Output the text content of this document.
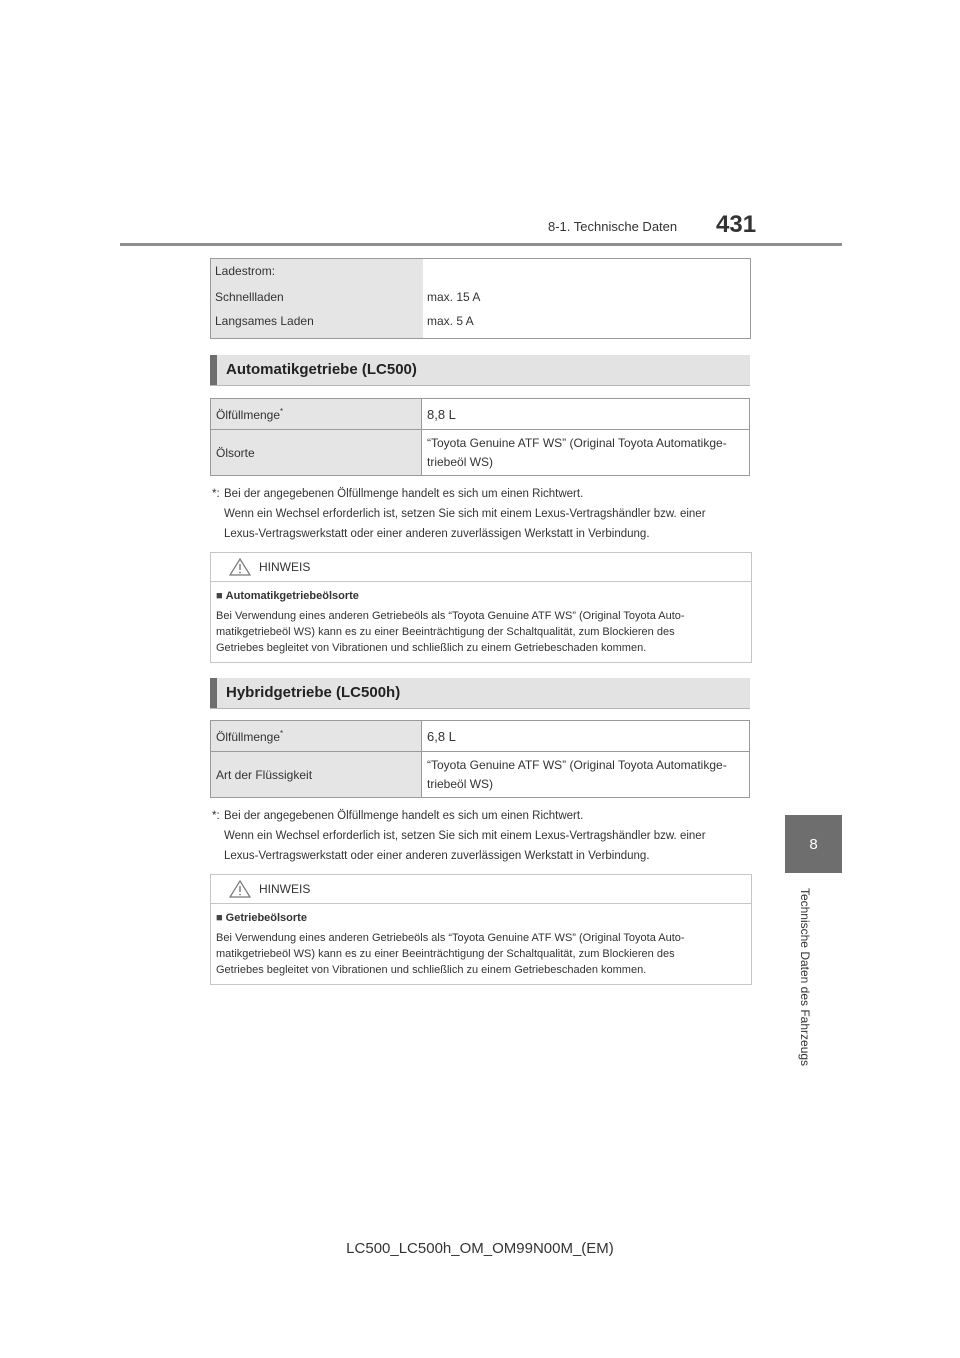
8-1. Technische Daten 431
8
Technische Daten des Fahrzeugs
Ladestrom:
Schnellladen	max. 15 A
Langsames Laden	max. 5 A
Automatikgetriebe (LC500)
Ölfüllmenge*	8,8 L
Ölsorte	“Toyota Genuine ATF WS” (Original Toyota Automatikge-
triebeöl WS)
*: Bei der angegebenen Ölfüllmenge handelt es sich um einen Richtwert.
Wenn ein Wechsel erforderlich ist, setzen Sie sich mit einem Lexus-Vertragshändler bzw. einer
Lexus-Vertragswerkstatt oder einer anderen zuverlässigen Werkstatt in Verbindung.
HINWEIS
■ Automatikgetriebeölsorte
Bei Verwendung eines anderen Getriebeöls als “Toyota Genuine ATF WS” (Original Toyota Auto-
matikgetriebeöl WS) kann es zu einer Beeinträchtigung der Schaltqualität, zum Blockieren des
Getriebes begleitet von Vibrationen und schließlich zu einem Getriebeschaden kommen.
Hybridgetriebe (LC500h)
Ölfüllmenge*	6,8 L
Art der Flüssigkeit	“Toyota Genuine ATF WS” (Original Toyota Automatikge-
triebeöl WS)
*: Bei der angegebenen Ölfüllmenge handelt es sich um einen Richtwert.
Wenn ein Wechsel erforderlich ist, setzen Sie sich mit einem Lexus-Vertragshändler bzw. einer
Lexus-Vertragswerkstatt oder einer anderen zuverlässigen Werkstatt in Verbindung.
HINWEIS
■ Getriebeölsorte
Bei Verwendung eines anderen Getriebeöls als “Toyota Genuine ATF WS” (Original Toyota Auto-
matikgetriebeöl WS) kann es zu einer Beeinträchtigung der Schaltqualität, zum Blockieren des
Getriebes begleitet von Vibrationen und schließlich zu einem Getriebeschaden kommen.
LC500_LC500h_OM_OM99N00M_(EM)
